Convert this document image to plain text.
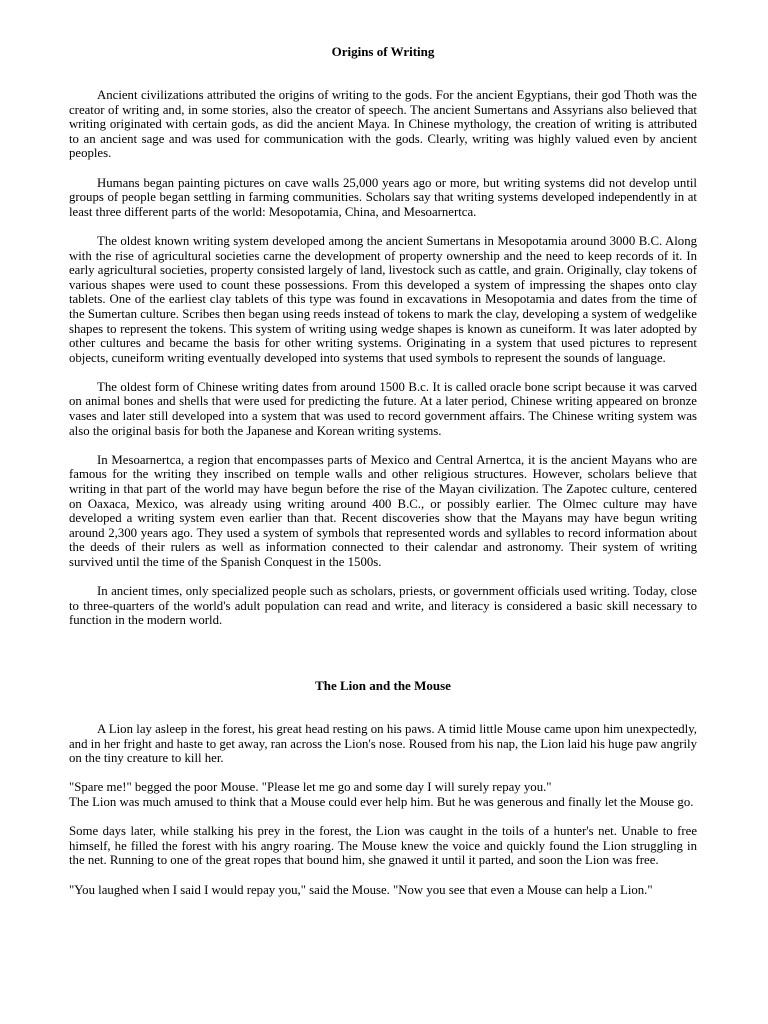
Origins of Writing

Ancient civilizations attributed the origins of writing to the gods. For the ancient Egyptians, their god Thoth was the creator of writing and, in some stories, also the creator of speech. The ancient Sumertans and Assyrians also believed that writing originated with certain gods, as did the ancient Maya. In Chinese mythology, the creation of writing is attributed to an ancient sage and was used for communication with the gods. Clearly, writing was highly valued even by ancient peoples.

Humans began painting pictures on cave walls 25,000 years ago or more, but writing systems did not develop until groups of people began settling in farming communities. Scholars say that writing systems developed independently in at least three different parts of the world: Mesopotamia, China, and Mesoarnertca.

The oldest known writing system developed among the ancient Sumertans in Mesopotamia around 3000 B.C. Along with the rise of agricultural societies carne the development of property ownership and the need to keep records of it. In early agricultural societies, property consisted largely of land, livestock such as cattle, and grain. Originally, clay tokens of various shapes were used to count these possessions. From this developed a system of impressing the shapes onto clay tablets. One of the earliest clay tablets of this type was found in excavations in Mesopotamia and dates from the time of the Sumertan culture. Scribes then began using reeds instead of tokens to mark the clay, developing a system of wedgelike shapes to represent the tokens. This system of writing using wedge shapes is known as cuneiform. It was later adopted by other cultures and became the basis for other writing systems. Originating in a system that used pictures to represent objects, cuneiform writing eventually developed into systems that used symbols to represent the sounds of language.

The oldest form of Chinese writing dates from around 1500 B.c. It is called oracle bone script because it was carved on animal bones and shells that were used for predicting the future. At a later period, Chinese writing appeared on bronze vases and later still developed into a system that was used to record government affairs. The Chinese writing system was also the original basis for both the Japanese and Korean writing systems.

In Mesoarnertca, a region that encompasses parts of Mexico and Central Arnertca, it is the ancient Mayans who are famous for the writing they inscribed on temple walls and other religious structures. However, scholars believe that writing in that part of the world may have begun before the rise of the Mayan civilization. The Zapotec culture, centered on Oaxaca, Mexico, was already using writing around 400 B.C., or possibly earlier. The Olmec culture may have developed a writing system even earlier than that. Recent discoveries show that the Mayans may have begun writing around 2,300 years ago. They used a system of symbols that represented words and syllables to record information about the deeds of their rulers as well as information connected to their calendar and astronomy. Their system of writing survived until the time of the Spanish Conquest in the 1500s.

In ancient times, only specialized people such as scholars, priests, or government officials used writing. Today, close to three-quarters of the world's adult population can read and write, and literacy is considered a basic skill necessary to function in the modern world.

The Lion and the Mouse

A Lion lay asleep in the forest, his great head resting on his paws. A timid little Mouse came upon him unexpectedly, and in her fright and haste to get away, ran across the Lion's nose. Roused from his nap, the Lion laid his huge paw angrily on the tiny creature to kill her.

"Spare me!" begged the poor Mouse. "Please let me go and some day I will surely repay you."

The Lion was much amused to think that a Mouse could ever help him. But he was generous and finally let the Mouse go.

Some days later, while stalking his prey in the forest, the Lion was caught in the toils of a hunter's net. Unable to free himself, he filled the forest with his angry roaring. The Mouse knew the voice and quickly found the Lion struggling in the net. Running to one of the great ropes that bound him, she gnawed it until it parted, and soon the Lion was free.

"You laughed when I said I would repay you," said the Mouse. "Now you see that even a Mouse can help a Lion."
